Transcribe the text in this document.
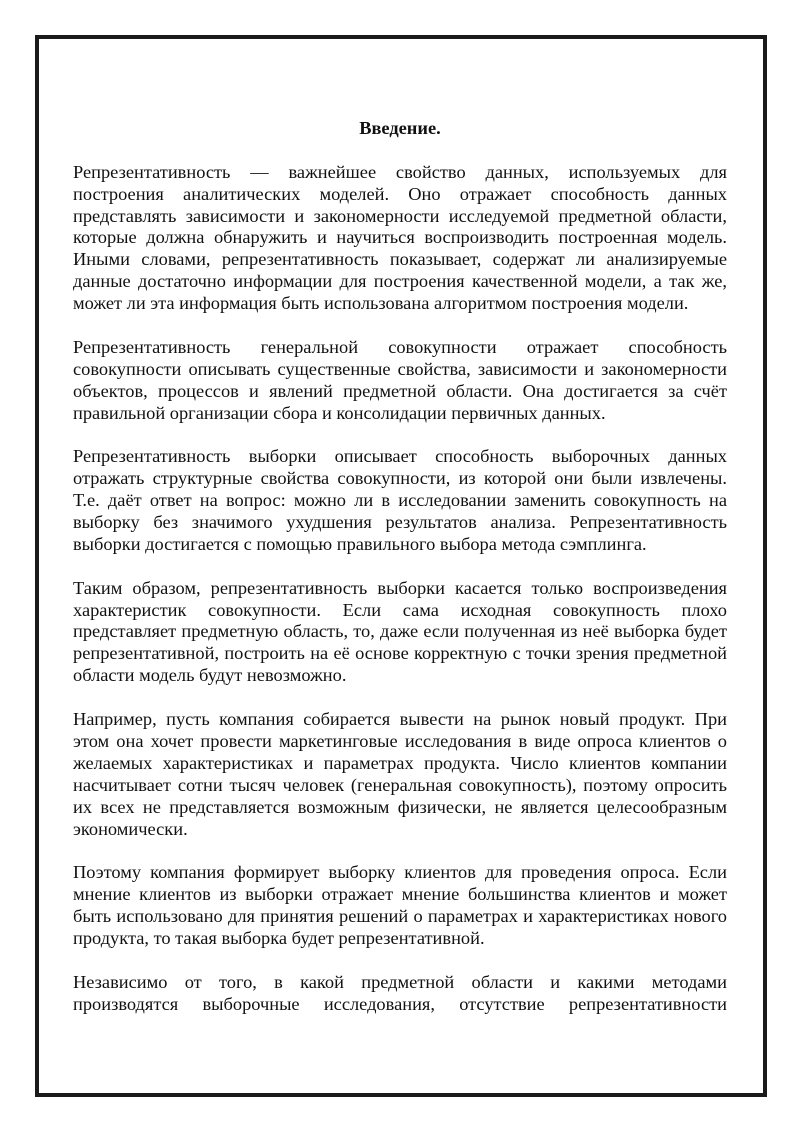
Введение.
Репрезентативность — важнейшее свойство данных, используемых для
построения аналитических моделей. Оно отражает способность данных
представлять зависимости и закономерности исследуемой предметной области,
которые должна обнаружить и научиться воспроизводить построенная модель.
Иными словами, репрезентативность показывает, содержат ли анализируемые
данные достаточно информации для построения качественной модели, а так же,
может ли эта информация быть использована алгоритмом построения модели.
Репрезентативность генеральной совокупности отражает способность
совокупности описывать существенные свойства, зависимости и закономерности
объектов, процессов и явлений предметной области. Она достигается за счёт
правильной организации сбора и консолидации первичных данных.
Репрезентативность выборки описывает способность выборочных данных
отражать структурные свойства совокупности, из которой они были извлечены.
Т.е. даёт ответ на вопрос: можно ли в исследовании заменить совокупность на
выборку без значимого ухудшения результатов анализа. Репрезентативность
выборки достигается с помощью правильного выбора метода сэмплинга.
Таким образом, репрезентативность выборки касается только воспроизведения
характеристик совокупности. Если сама исходная совокупность плохо
представляет предметную область, то, даже если полученная из неё выборка будет
репрезентативной, построить на её основе корректную с точки зрения предметной
области модель будут невозможно.
Например, пусть компания собирается вывести на рынок новый продукт. При
этом она хочет провести маркетинговые исследования в виде опроса клиентов о
желаемых характеристиках и параметрах продукта. Число клиентов компании
насчитывает сотни тысяч человек (генеральная совокупность), поэтому опросить
их всех не представляется возможным физически, не является целесообразным
экономически.
Поэтому компания формирует выборку клиентов для проведения опроса. Если
мнение клиентов из выборки отражает мнение большинства клиентов и может
быть использовано для принятия решений о параметрах и характеристиках нового
продукта, то такая выборка будет репрезентативной.
Независимо от того, в какой предметной области и какими методами
производятся выборочные исследования, отсутствие репрезентативности
